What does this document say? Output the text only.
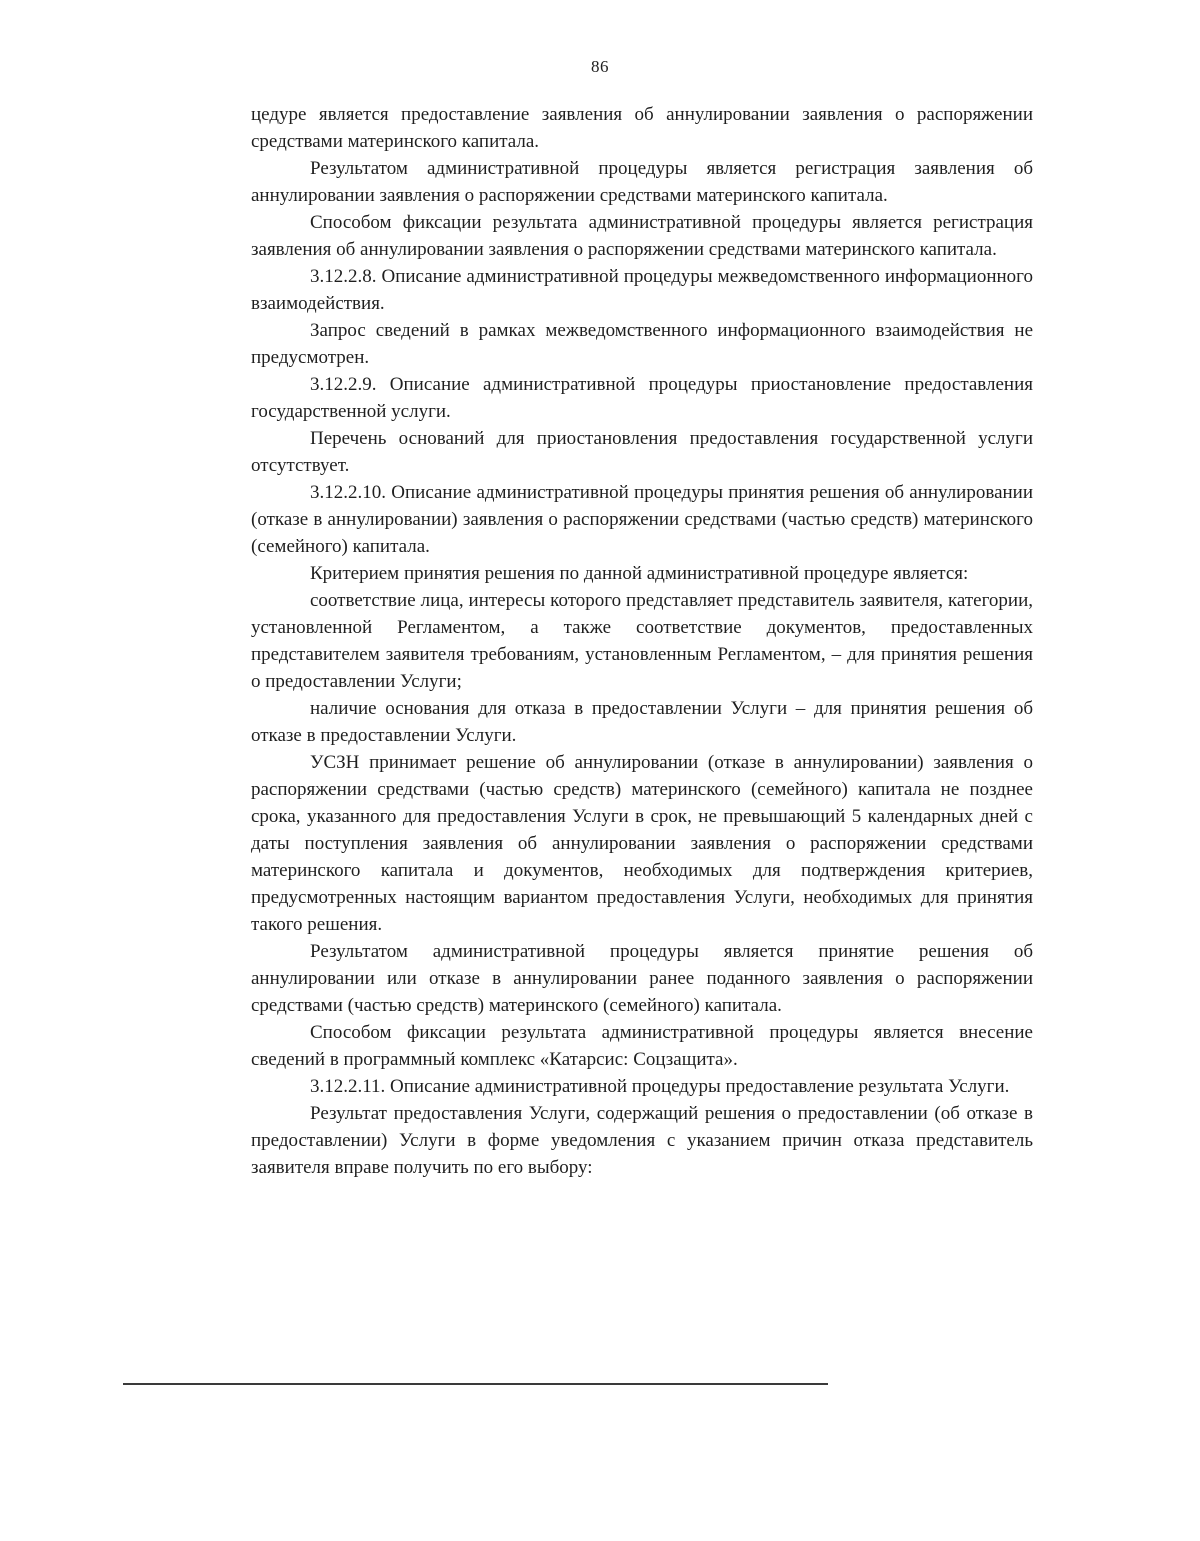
86

цедуре является предоставление заявления об аннулировании заявления о распоряжении средствами материнского капитала.

Результатом административной процедуры является регистрация заявления об аннулировании заявления о распоряжении средствами материнского капитала.

Способом фиксации результата административной процедуры является регистрация заявления об аннулировании заявления о распоряжении средствами материнского капитала.

3.12.2.8. Описание административной процедуры межведомственного информационного взаимодействия.

Запрос сведений в рамках межведомственного информационного взаимодействия не предусмотрен.

3.12.2.9. Описание административной процедуры приостановление предоставления государственной услуги.

Перечень оснований для приостановления предоставления государственной услуги отсутствует.

3.12.2.10. Описание административной процедуры принятия решения об аннулировании (отказе в аннулировании) заявления о распоряжении средствами (частью средств) материнского (семейного) капитала.

Критерием принятия решения по данной административной процедуре является:

соответствие лица, интересы которого представляет представитель заявителя, категории, установленной Регламентом, а также соответствие документов, предоставленных представителем заявителя требованиям, установленным Регламентом, – для принятия решения о предоставлении Услуги;

наличие основания для отказа в предоставлении Услуги – для принятия решения об отказе в предоставлении Услуги.

УСЗН принимает решение об аннулировании (отказе в аннулировании) заявления о распоряжении средствами (частью средств) материнского (семейного) капитала не позднее срока, указанного для предоставления Услуги в срок, не превышающий 5 календарных дней с даты поступления заявления об аннулировании заявления о распоряжении средствами материнского капитала и документов, необходимых для подтверждения критериев, предусмотренных настоящим вариантом предоставления Услуги, необходимых для принятия такого решения.

Результатом административной процедуры является принятие решения об аннулировании или отказе в аннулировании ранее поданного заявления о распоряжении средствами (частью средств) материнского (семейного) капитала.

Способом фиксации результата административной процедуры является внесение сведений в программный комплекс «Катарсис: Соцзащита».

3.12.2.11. Описание административной процедуры предоставление результата Услуги.

Результат предоставления Услуги, содержащий решения о предоставлении (об отказе в предоставлении) Услуги в форме уведомления с указанием причин отказа представитель заявителя вправе получить по его выбору:
